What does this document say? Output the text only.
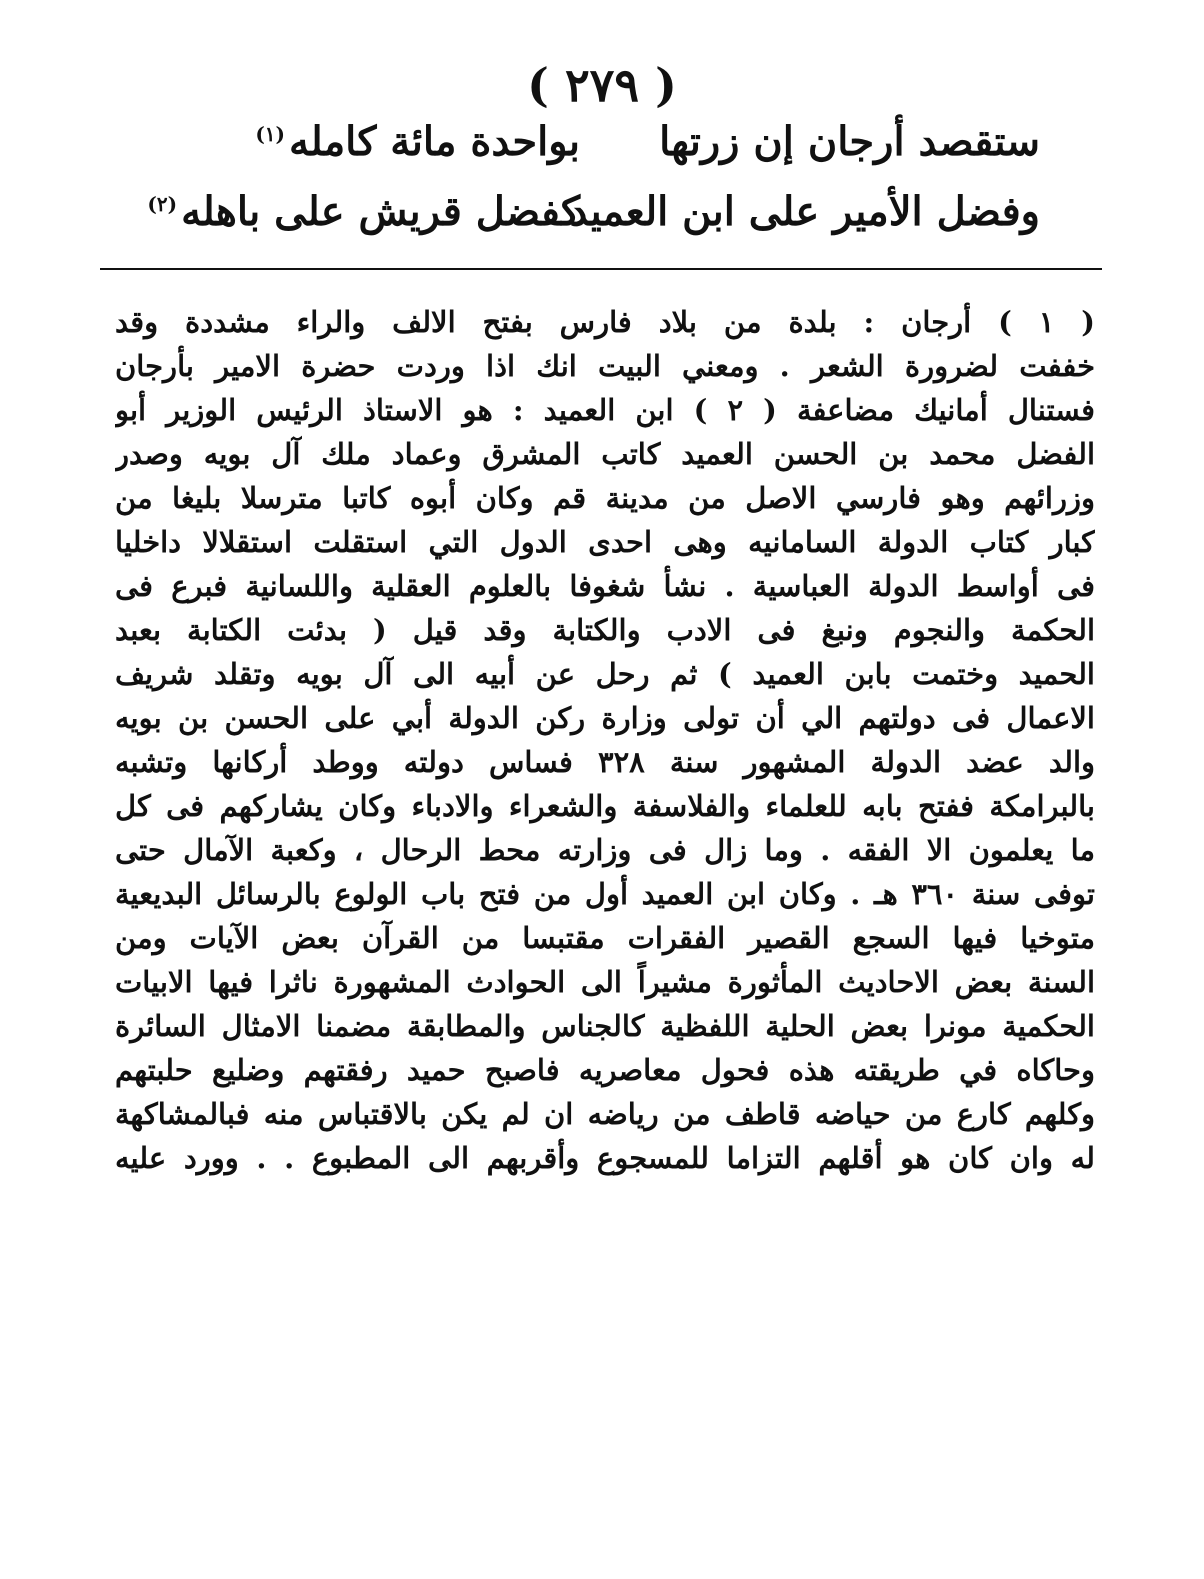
( ٢٧٩ )
ستقصد أرجان إن زرتها
بواحدة مائة كامله$^{(١)}$
وفضل الأمير على ابن العميد
كفضل قريش على باهله$^{(٢)}$
( ١ ) أرجان : بلدة من بلاد فارس بفتح الالف والراء مشددة وقد
خففت لضرورة الشعر . ومعني البيت انك اذا وردت حضرة الامير بأرجان
فستنال أمانيك مضاعفة ( ٢ ) ابن العميد : هو الاستاذ الرئيس الوزير أبو
الفضل محمد بن الحسن العميد كاتب المشرق وعماد ملك آل بويه وصدر
وزرائهم وهو فارسي الاصل من مدينة قم وكان أبوه كاتبا مترسلا بليغا من
كبار كتاب الدولة السامانيه وهى احدى الدول التي استقلت استقلالا داخليا
فى أواسط الدولة العباسية . نشأ شغوفا بالعلوم العقلية واللسانية فبرع فى
الحكمة والنجوم ونبغ فى الادب والكتابة وقد قيل ( بدئت الكتابة بعبد
الحميد وختمت بابن العميد ) ثم رحل عن أبيه الى آل بويه وتقلد شريف
الاعمال فى دولتهم الي أن تولى وزارة ركن الدولة أبي على الحسن بن بويه
والد عضد الدولة المشهور سنة ٣٢٨ فساس دولته ووطد أركانها وتشبه
بالبرامكة ففتح بابه للعلماء والفلاسفة والشعراء والادباء وكان يشاركهم فى كل
ما يعلمون الا الفقه . وما زال فى وزارته محط الرحال ، وكعبة الآمال حتى
توفى سنة ٣٦٠ هـ . وكان ابن العميد أول من فتح باب الولوع بالرسائل البديعية
متوخيا فيها السجع القصير الفقرات مقتبسا من القرآن بعض الآيات ومن
السنة بعض الاحاديث المأثورة مشيراً الى الحوادث المشهورة ناثرا فيها الابيات
الحكمية مونرا بعض الحلية اللفظية كالجناس والمطابقة مضمنا الامثال السائرة
وحاكاه في طريقته هذه فحول معاصريه فاصبح حميد رفقتهم وضليع حلبتهم
وكلهم كارع من حياضه قاطف من رياضه ان لم يكن بالاقتباس منه فبالمشاكهة
له وان كان هو أقلهم التزاما للمسجوع وأقربهم الى المطبوع . . وورد عليه
